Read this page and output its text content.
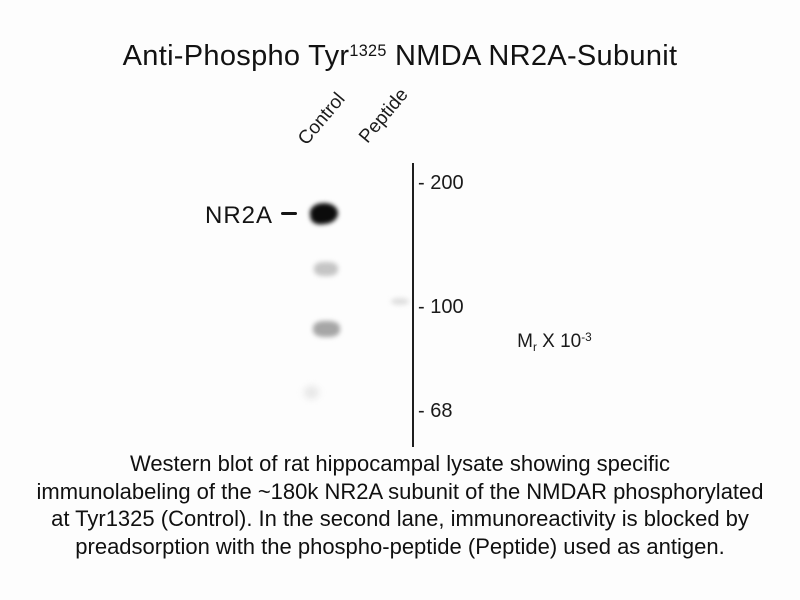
Anti-Phospho Tyr$^{1325}$ NMDA NR2A-Subunit
Control Peptide
NR2A
- 200
- 100
- 68

$M_r$ X $10^{-3}$

Western blot of rat hippocampal lysate showing specific
immunolabeling of the ~180k NR2A subunit of the NMDAR phosphorylated
at Tyr1325 (Control). In the second lane, immunoreactivity is blocked by
preadsorption with the phospho-peptide (Peptide) used as antigen.
